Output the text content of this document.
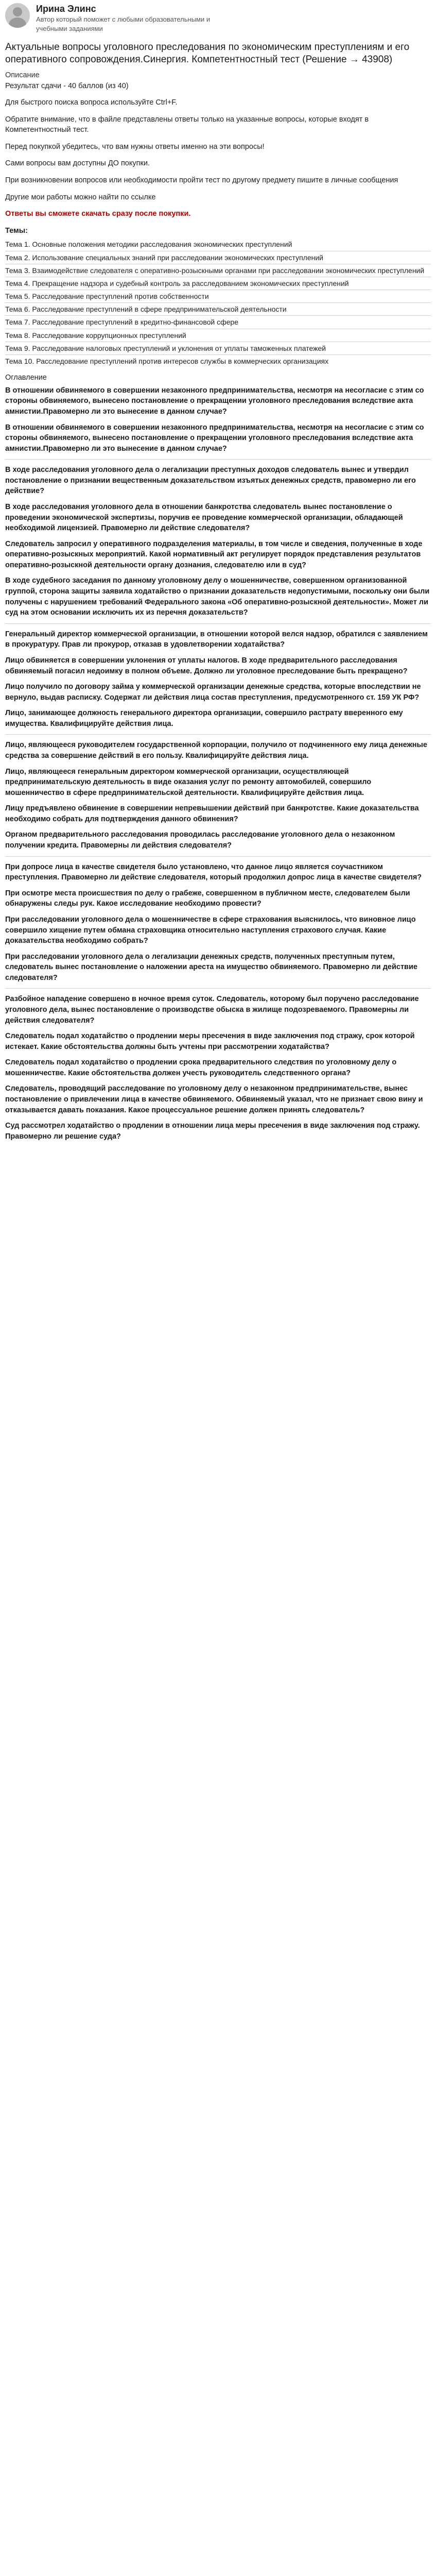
Ирина Элинс
Автор который поможет с любыми образовательными и учебными заданиями
Актуальные вопросы уголовного преследования по экономическим преступлениям и его оперативного сопровождения.Синергия. Компетентностный тест (Решение → 43908)
Описание
Результат сдачи - 40 баллов (из 40)
Для быстрого поиска вопроса используйте Ctrl+F.
Обратите внимание, что в файле представлены ответы только на указанные вопросы, которые входят в Компетентностный тест.
Перед покупкой убедитесь, что вам нужны ответы именно на эти вопросы!
Сами вопросы вам доступны ДО покупки.
При возникновении вопросов или необходимости пройти тест по другому предмету пишите в личные сообщения
Другие мои работы можно найти по ссылке
Ответы вы сможете скачать сразу после покупки.
Темы:
Тема 1. Основные положения методики расследования экономических преступлений
Тема 2. Использование специальных знаний при расследовании экономических преступлений
Тема 3. Взаимодействие следователя с оперативно-розыскными органами при расследовании экономических преступлений
Тема 4. Прекращение надзора и судебный контроль за расследованием экономических преступлений
Тема 5. Расследование преступлений против собственности
Тема 6. Расследование преступлений в сфере предпринимательской деятельности
Тема 7. Расследование преступлений в кредитно-финансовой сфере
Тема 8. Расследование коррупционных преступлений
Тема 9. Расследование налоговых преступлений и уклонения от уплаты таможенных платежей
Тема 10. Расследование преступлений против интересов службы в коммерческих организациях
Оглавление
В отношении обвиняемого в совершении незаконного предпринимательства, несмотря на несогласие с этим со стороны обвиняемого, вынесено постановление о прекращении уголовного преследования вследствие акта амнистии.Правомерно ли это вынесение в данном случае?
В отношении обвиняемого в совершении незаконного предпринимательства, несмотря на несогласие с этим со стороны обвиняемого, вынесено постановление о прекращении уголовного преследования вследствие акта амнистии.Правомерно ли это вынесение в данном случае?
В ходе расследования уголовного дела о легализации преступных доходов следователь вынес и утвердил постановление о признании вещественным доказательством изъятых денежных средств, правомерно ли его действие?
В ходе расследования уголовного дела в отношении банкротства следователь вынес постановление о проведении экономической экспертизы, поручив ее проведение коммерческой организации, обладающей необходимой лицензией. Правомерно ли действие следователя?
Следователь запросил у оперативного подразделения материалы, в том числе и сведения, полученные в ходе оперативно-розыскных мероприятий. Какой нормативный акт регулирует порядок представления результатов оперативно-розыскной деятельности органу дознания, следователю или в суд?
В ходе судебного заседания по данному уголовному делу о мошенничестве, совершенном организованной группой, сторона защиты заявила ходатайство о признании доказательств недопустимыми, поскольку они были получены с нарушением требований Федерального закона «Об оперативно-розыскной деятельности». Может ли суд на этом основании исключить их из перечня доказательств?
Генеральный директор коммерческой организации, в отношении которой велся надзор, обратился с заявлением в прокуратуру. Прав ли прокурор, отказав в удовлетворении ходатайства?
Лицо обвиняется в совершении уклонения от уплаты налогов. В ходе предварительного расследования обвиняемый погасил недоимку в полном объеме. Должно ли уголовное преследование быть прекращено?
Лицо получило по договору займа у коммерческой организации денежные средства, которые впоследствии не вернуло, выдав расписку. Содержат ли действия лица состав преступления, предусмотренного ст. 159 УК РФ?
Лицо, занимающее должность генерального директора организации, совершило растрату вверенного ему имущества. Квалифицируйте действия лица.
Лицо, являющееся руководителем государственной корпорации, получило от подчиненного ему лица денежные средства за совершение действий в его пользу. Квалифицируйте действия лица.
Лицо, являющееся генеральным директором коммерческой организации, осуществляющей предпринимательскую деятельность в виде оказания услуг по ремонту автомобилей, совершило мошенничество в сфере предпринимательской деятельности. Квалифицируйте действия лица.
Лицу предъявлено обвинение в совершении непревышении действий при банкротстве. Какие доказательства необходимо собрать для подтверждения данного обвинения?
Органом предварительного расследования проводилась расследование уголовного дела о незаконном получении кредита. Правомерны ли действия следователя?
При допросе лица в качестве свидетеля было установлено, что данное лицо является соучастником преступления. Правомерно ли действие следователя, который продолжил допрос лица в качестве свидетеля?
При осмотре места происшествия по делу о грабеже, совершенном в публичном месте, следователем были обнаружены следы рук. Какое исследование необходимо провести?
При расследовании уголовного дела о мошенничестве в сфере страхования выяснилось, что виновное лицо совершило хищение путем обмана страховщика относительно наступления страхового случая. Какие доказательства необходимо собрать?
При расследовании уголовного дела о легализации денежных средств, полученных преступным путем, следователь вынес постановление о наложении ареста на имущество обвиняемого. Правомерно ли действие следователя?
Разбойное нападение совершено в ночное время суток. Следователь, которому был поручено расследование уголовного дела, вынес постановление о производстве обыска в жилище подозреваемого. Правомерны ли действия следователя?
Следователь подал ходатайство о продлении меры пресечения в виде заключения под стражу, срок которой истекает. Какие обстоятельства должны быть учтены при рассмотрении ходатайства?
Следователь подал ходатайство о продлении срока предварительного следствия по уголовному делу о мошенничестве. Какие обстоятельства должен учесть руководитель следственного органа?
Следователь, проводящий расследование по уголовному делу о незаконном предпринимательстве, вынес постановление о привлечении лица в качестве обвиняемого. Обвиняемый указал, что не признает свою вину и отказывается давать показания. Какое процессуальное решение должен принять следователь?
Суд рассмотрел ходатайство о продлении в отношении лица меры пресечения в виде заключения под стражу. Правомерно ли решение суда?
